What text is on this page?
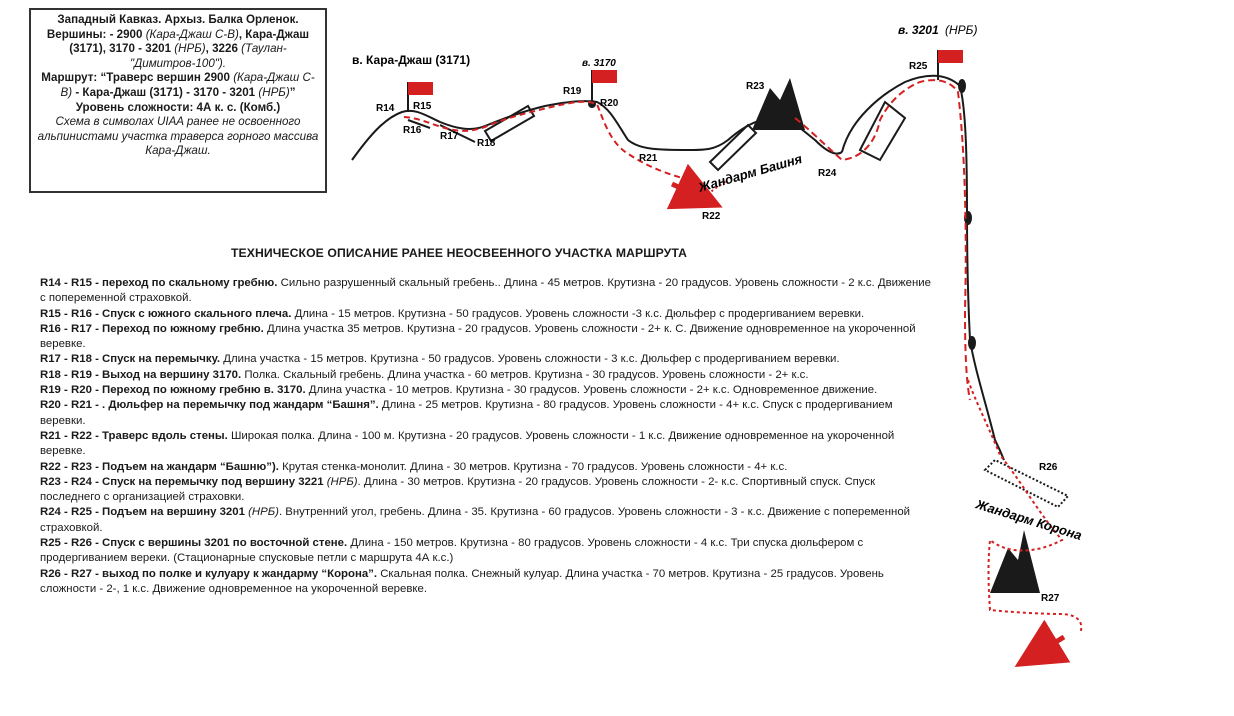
Западный Кавказ. Архыз. Балка Орленок.
Вершины: - 2900 (Кара-Джаш С-В), Кара-Джаш (3171), 3170 - 3201 (НРБ), 3226 (Таулан-"Димитров-100").
Маршрут: “Траверс вершин 2900 (Кара-Джаш С-В) - Кара-Джаш (3171) - 3170 - 3201 (НРБ)”
Уровень сложности: 4А к. с. (Комб.)
Схема в символах UIAA ранее не освоенного альпинистами участка траверса горного массива Кара-Джаш.
в. Кара-Джаш (3171)	в. 3170
в. 3201 (НРБ)
Жандарм Башня
Жандарм Корона
R14 R15
R16
R17
R18
R19
R20
R21
R22
R23
R24
R25
R26
R27
ТЕХНИЧЕСКОЕ ОПИСАНИЕ РАНЕЕ НЕОСВЕЕННОГО УЧАСТКА МАРШРУТА

R14 - R15 - переход по скальному гребню. Сильно разрушенный скальный гребень.. Длина - 45 метров. Крутизна - 20 градусов. Уровень сложности - 2 к.с. Движение с попеременной страховкой.

R15 - R16 - Спуск с южного скального плеча. Длина - 15 метров. Крутизна - 50 градусов. Уровень сложности -3 к.с. Дюльфер с продергиванием веревки.

R16 - R17 - Переход по южному гребню. Длина участка 35 метров. Крутизна - 20 градусов. Уровень сложности - 2+ к. С. Движение одновременное на укороченной веревке.

R17 - R18 - Спуск на перемычку. Длина участка - 15 метров. Крутизна - 50 градусов. Уровень сложности - 3 к.с. Дюльфер с продергиванием веревки.

R18 - R19 - Выход на вершину 3170. Полка. Скальный гребень. Длина участка - 60 метров. Крутизна - 30 градусов. Уровень сложности - 2+ к.с.

R19 - R20 - Переход по южному гребню в. 3170. Длина участка - 10 метров. Крутизна - 30 градусов. Уровень сложности - 2+ к.с. Одновременное движение.

R20 - R21 - . Дюльфер на перемычку под жандарм “Башня”. Длина - 25 метров. Крутизна - 80 градусов. Уровень сложности - 4+ к.с. Спуск с продергиванием веревки.

R21 - R22 - Траверс вдоль стены. Широкая полка. Длина - 100 м. Крутизна - 20 градусов. Уровень сложности - 1 к.с. Движение одновременное на укороченной веревке.

R22 - R23 - Подъем на жандарм “Башню”). Крутая стенка-монолит. Длина - 30 метров. Крутизна - 70 градусов. Уровень сложности - 4+ к.с.

R23 - R24 - Спуск на перемычку под вершину 3221 (НРБ). Длина - 30 метров. Крутизна - 20 градусов. Уровень сложности - 2- к.с. Спортивный спуск. Спуск последнего с организацией страховки.

R24 - R25 - Подъем на вершину 3201 (НРБ). Внутренний угол, гребень. Длина - 35. Крутизна - 60 градусов. Уровень сложности - 3 - к.с. Движение с попеременной страховкой.

R25 - R26 - Спуск с вершины 3201 по восточной стене. Длина - 150 метров. Крутизна - 80 градусов. Уровень сложности - 4 к.с. Три спуска дюльфером с продергиванием вереки. (Стационарные спусковые петли с маршрута 4А к.с.)

R26 - R27 - выход по полке и кулуару к жандарму “Корона”. Скальная полка. Снежный кулуар. Длина участка - 70 метров. Крутизна - 25 градусов. Уровень сложности - 2-, 1 к.с. Движение одновременное на укороченной веревке.
